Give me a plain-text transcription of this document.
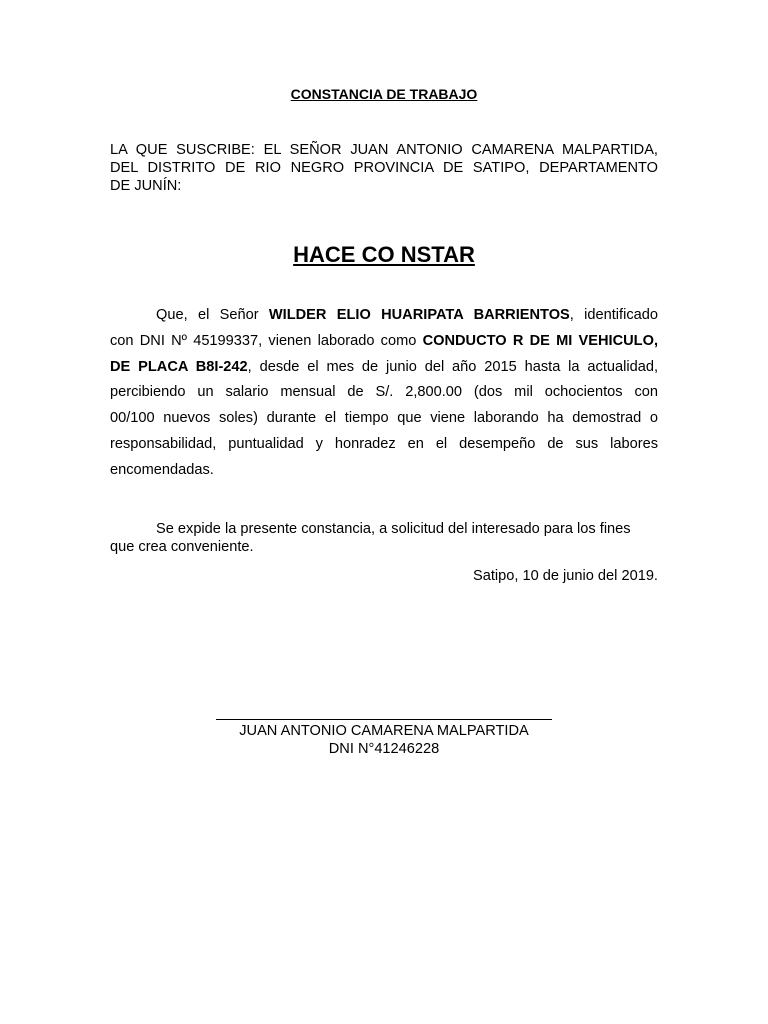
CONSTANCIA DE TRABAJO

LA QUE SUSCRIBE: EL SEÑOR JUAN ANTONIO CAMARENA MALPARTIDA,
DEL DISTRITO DE RIO NEGRO PROVINCIA DE SATIPO, DEPARTAMENTO
DE JUNÍN:

HACE CO NSTAR

Que, el Señor WILDER ELIO HUARIPATA BARRIENTOS, identificado
con DNI Nº 45199337, vienen laborado como CONDUCTO R DE MI VEHICULO,
DE PLACA B8I-242, desde el mes de junio del año 2015 hasta la actualidad,
percibiendo un salario mensual de S/. 2,800.00 (dos mil ochocientos con
00/100 nuevos soles) durante el tiempo que viene laborando ha demostrad o
responsabilidad, puntualidad y honradez en el desempeño de sus labores
encomendadas.

Se expide la presente constancia, a solicitud del interesado para los fines
que crea conveniente.

Satipo, 10 de junio del 2019.
JUAN ANTONIO CAMARENA MALPARTIDA
DNI N°41246228
